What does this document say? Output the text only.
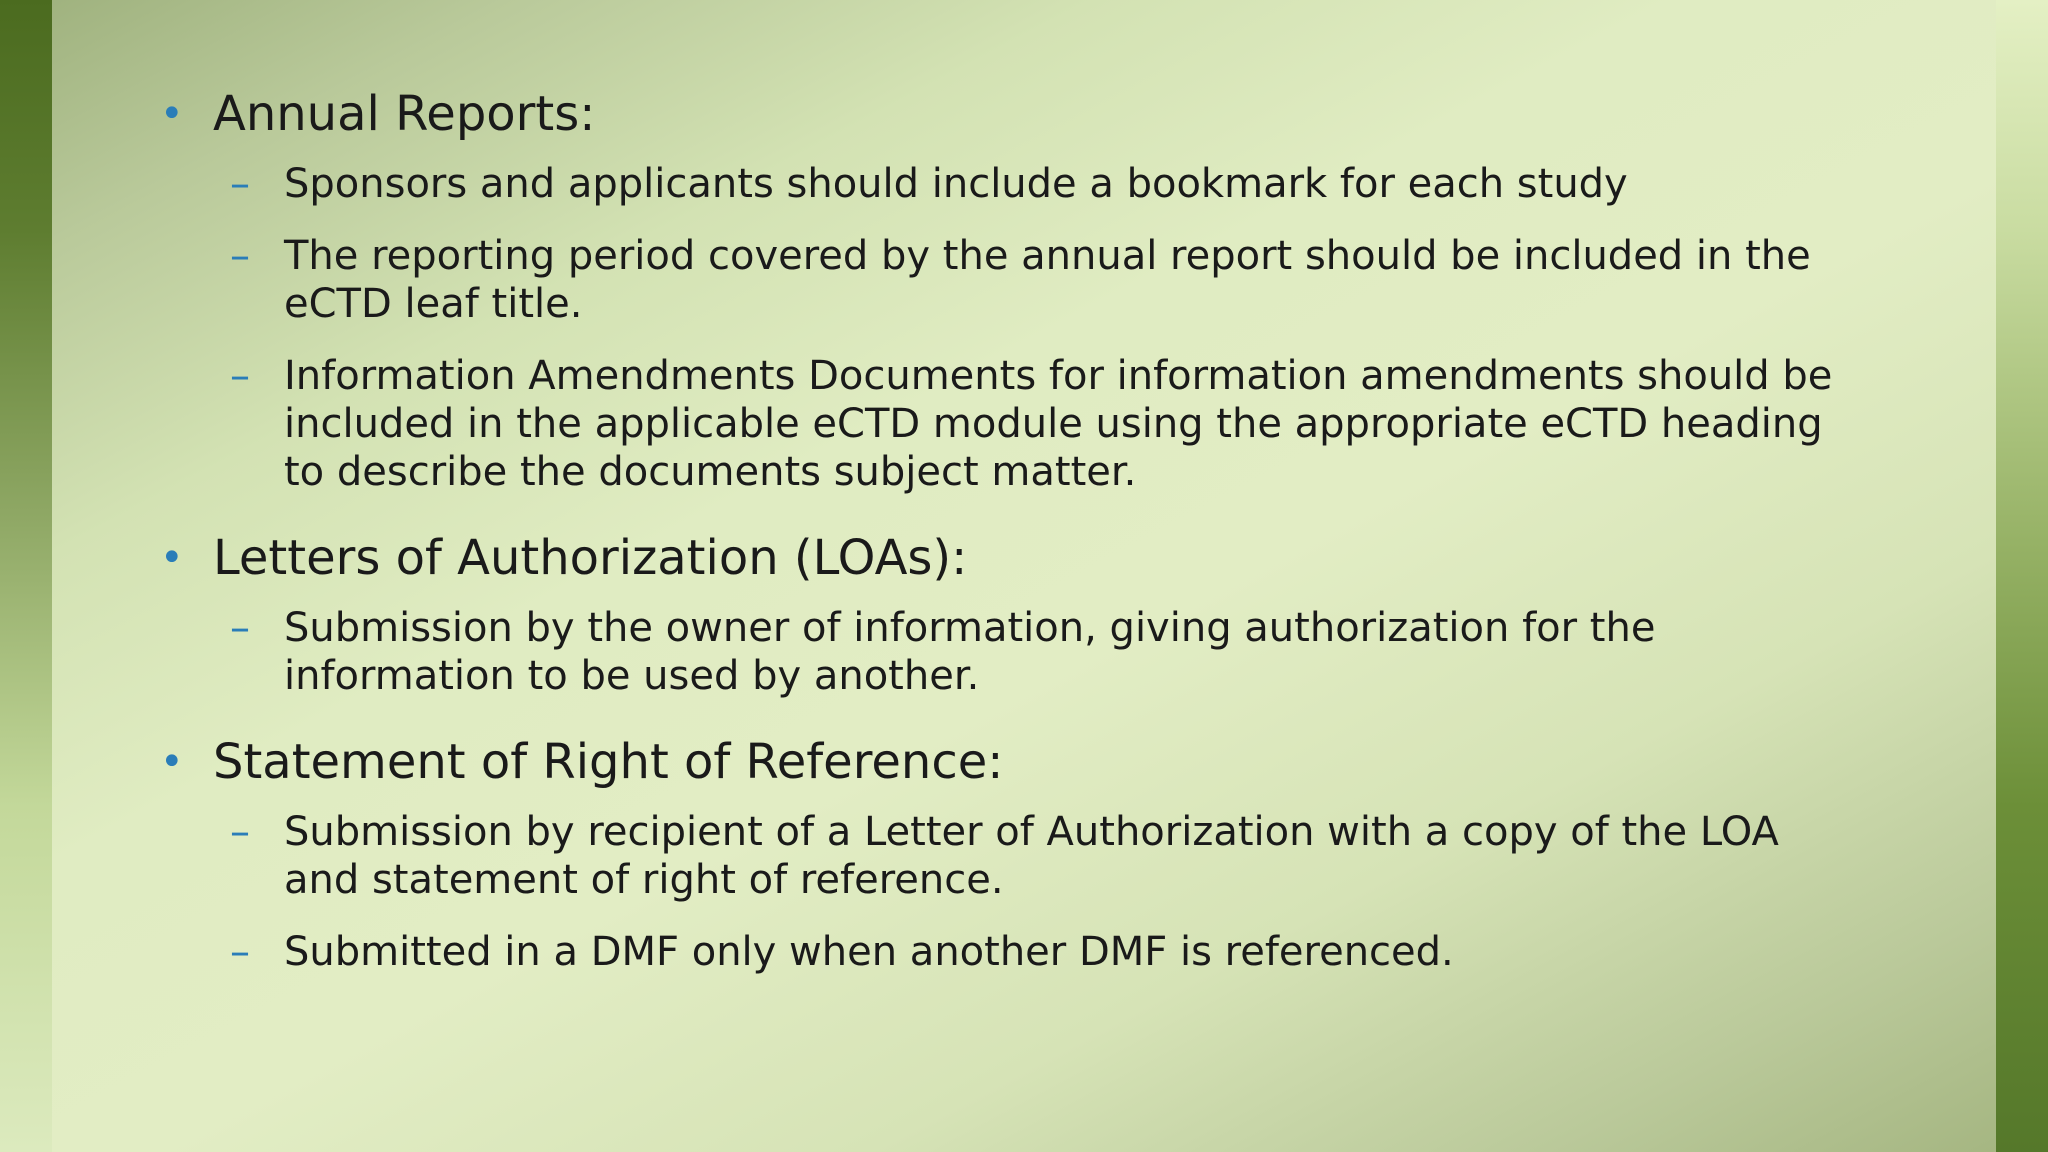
• Annual Reports:
– Sponsors and applicants should include a bookmark for each study
– The reporting period covered by the annual report should be included in the eCTD leaf title.
– Information Amendments Documents for information amendments should be included in the applicable eCTD module using the appropriate eCTD heading to describe the documents subject matter.
• Letters of Authorization (LOAs):
– Submission by the owner of information, giving authorization for the information to be used by another.
• Statement of Right of Reference:
– Submission by recipient of a Letter of Authorization with a copy of the LOA and statement of right of reference.
– Submitted in a DMF only when another DMF is referenced.
